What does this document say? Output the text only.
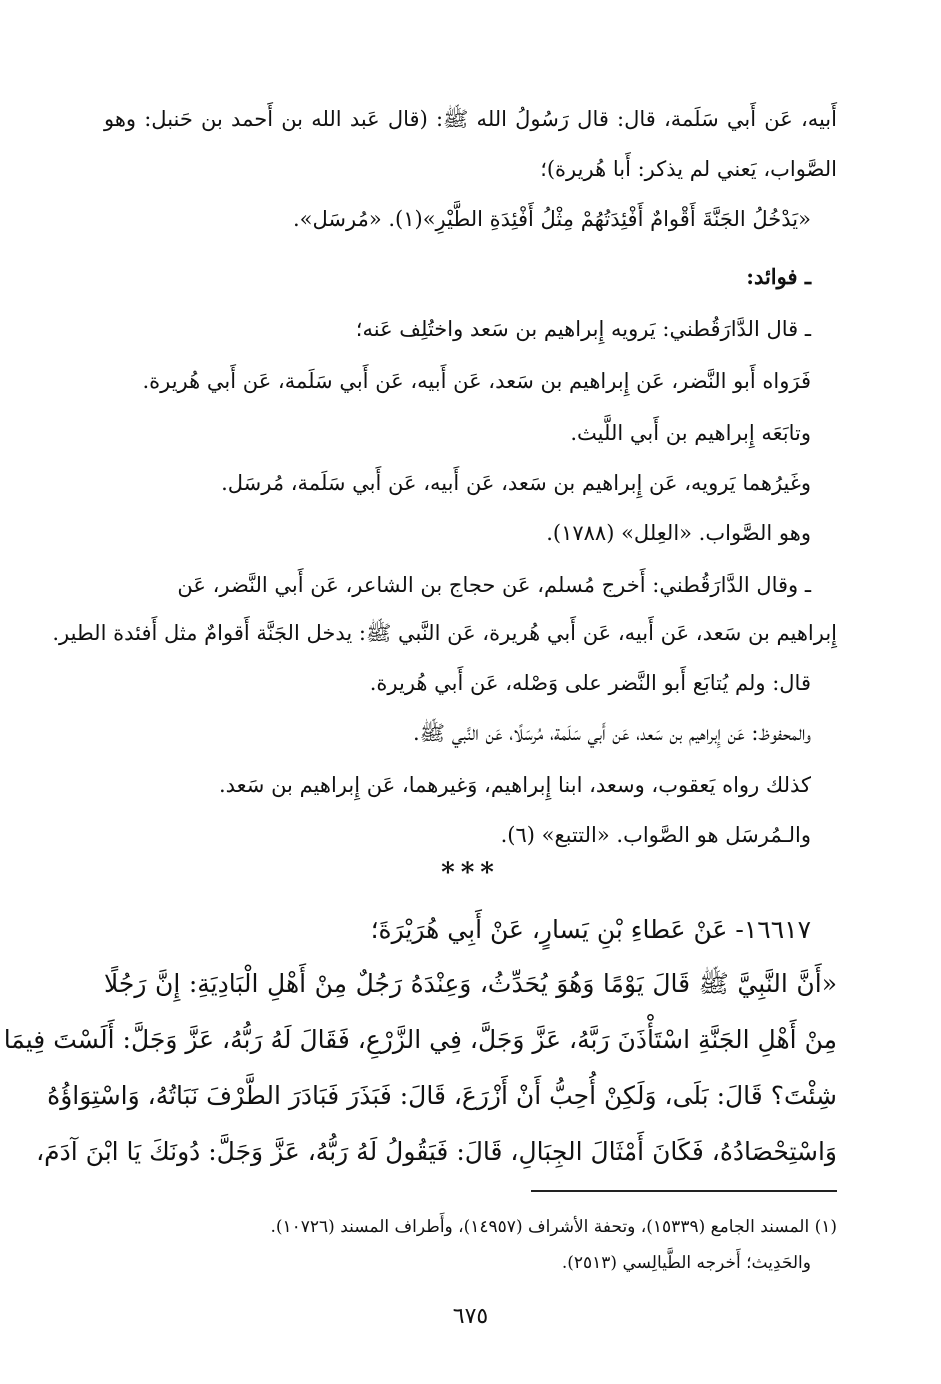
أَبيه، عَن أَبي سَلَمة، قال: قال رَسُولُ الله ﷺ: (قال عَبد الله بن أَحمد بن حَنبل: وهو
الصَّواب، يَعني لم يذكر: أَبا هُريرة)؛
«يَدْخُلُ الجَنَّةَ أَقْوامٌ أَفْئِدَتُهُمْ مِثْلُ أَفْئِدَةِ الطَّيْرِ»(١). «مُرسَل».
ـ فوائد:
ـ قال الدَّارَقُطني: يَرويه إِبراهيم بن سَعد واختُلِف عَنه؛
فَرَواه أَبو النَّضر، عَن إِبراهيم بن سَعد، عَن أَبيه، عَن أَبي سَلَمة، عَن أَبي هُريرة.
وتابَعَه إِبراهيم بن أَبي اللَّيث.
وغَيرُهما يَرويه، عَن إِبراهيم بن سَعد، عَن أَبيه، عَن أَبي سَلَمة، مُرسَل.
وهو الصَّواب. «العِلل» (١٧٨٨).
ـ وقال الدَّارَقُطني: أَخرج مُسلم، عَن حجاج بن الشاعر، عَن أَبي النَّضر، عَن
إِبراهيم بن سَعد، عَن أَبيه، عَن أَبي هُريرة، عَن النَّبي ﷺ: يدخل الجَنَّة أَقوامٌ مثل أَفئدة الطير.
قال: ولم يُتابَع أَبو النَّضر على وَصْله، عَن أَبي هُريرة.
والمحفوظ: عَن إِبراهيم بن سَعد، عَن أَبي سَلَمة، مُرسَلًا، عَن النَّبي ﷺ.
كذلك رواه يَعقوب، وسعد، ابنا إِبراهيم، وَغيرهما، عَن إِبراهيم بن سَعد.
والـمُرسَل هو الصَّواب. «التتبع» (٦).
***
١٦٦١٧- عَنْ عَطاءِ بْنِ يَسارٍ، عَنْ أَبِي هُرَيْرَةَ؛
«أَنَّ النَّبِيَّ ﷺ قَالَ يَوْمًا وَهُوَ يُحَدِّثُ، وَعِنْدَهُ رَجُلٌ مِنْ أَهْلِ الْبَادِيَةِ: إِنَّ رَجُلًا
مِنْ أَهْلِ الجَنَّةِ اسْتَأْذَنَ رَبَّهُ، عَزَّ وَجَلَّ، فِي الزَّرْعِ، فَقَالَ لَهُ رَبُّهُ، عَزَّ وَجَلَّ: أَلَسْتَ فِيمَا
شِئْتَ؟ قَالَ: بَلَى، وَلَكِنْ أُحِبُّ أَنْ أَزْرَعَ، قَالَ: فَبَذَرَ فَبَادَرَ الطَّرْفَ نَبَاتُهُ، وَاسْتِوَاؤُهُ
وَاسْتِحْصَادُهُ، فَكَانَ أَمْثَالَ الجِبَالِ، قَالَ: فَيَقُولُ لَهُ رَبُّهُ، عَزَّ وَجَلَّ: دُونَكَ يَا ابْنَ آدَمَ،
(١) المسند الجامع (١٥٣٣٩)، وتحفة الأشراف (١٤٩٥٧)، وأَطراف المسند (١٠٧٢٦).
والحَدِيث؛ أَخرجه الطَّيالِسي (٢٥١٣).
٦٧٥
